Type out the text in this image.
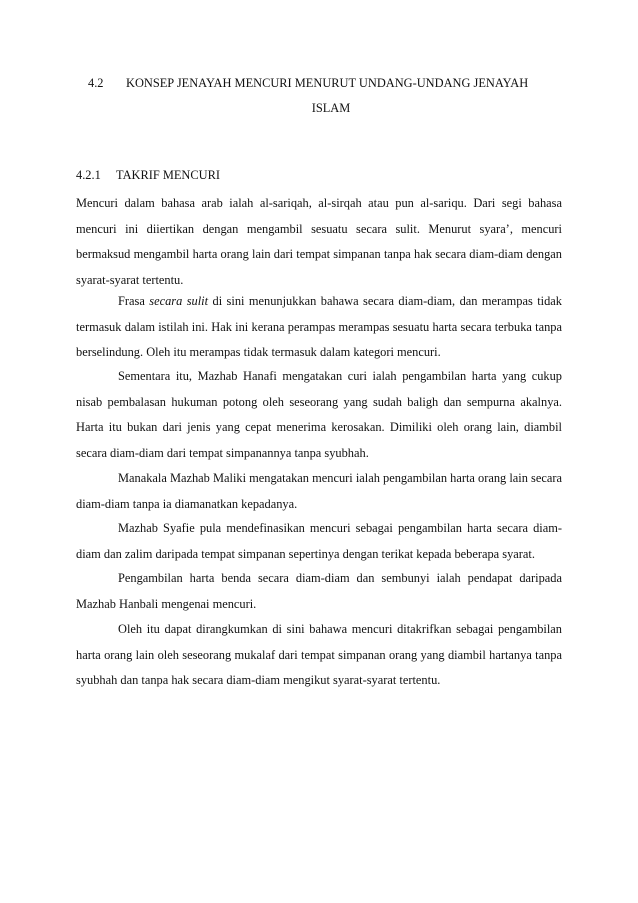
4.2 KONSEP JENAYAH MENCURI MENURUT UNDANG-UNDANG JENAYAH
ISLAM
4.2.1 TAKRIF MENCURI

Mencuri dalam bahasa arab ialah al-sariqah, al-sirqah atau pun al-sariqu. Dari segi bahasa mencuri ini diiertikan dengan mengambil sesuatu secara sulit. Menurut syara’, mencuri bermaksud mengambil harta orang lain dari tempat simpanan tanpa hak secara diam-diam dengan syarat-syarat tertentu.

Frasa secara sulit di sini menunjukkan bahawa secara diam-diam, dan merampas tidak termasuk dalam istilah ini. Hak ini kerana perampas merampas sesuatu harta secara terbuka tanpa berselindung. Oleh itu merampas tidak termasuk dalam kategori mencuri.

Sementara itu, Mazhab Hanafi mengatakan curi ialah pengambilan harta yang cukup nisab pembalasan hukuman potong oleh seseorang yang sudah baligh dan sempurna akalnya. Harta itu bukan dari jenis yang cepat menerima kerosakan. Dimiliki oleh orang lain, diambil secara diam-diam dari tempat simpanannya tanpa syubhah.

Manakala Mazhab Maliki mengatakan mencuri ialah pengambilan harta orang lain secara diam-diam tanpa ia diamanatkan kepadanya.

Mazhab Syafie pula mendefinasikan mencuri sebagai pengambilan harta secara diam-diam dan zalim daripada tempat simpanan sepertinya dengan terikat kepada beberapa syarat.

Pengambilan harta benda secara diam-diam dan sembunyi ialah pendapat daripada Mazhab Hanbali mengenai mencuri.

Oleh itu dapat dirangkumkan di sini bahawa mencuri ditakrifkan sebagai pengambilan harta orang lain oleh seseorang mukalaf dari tempat simpanan orang yang diambil hartanya tanpa syubhah dan tanpa hak secara diam-diam mengikut syarat-syarat tertentu.
